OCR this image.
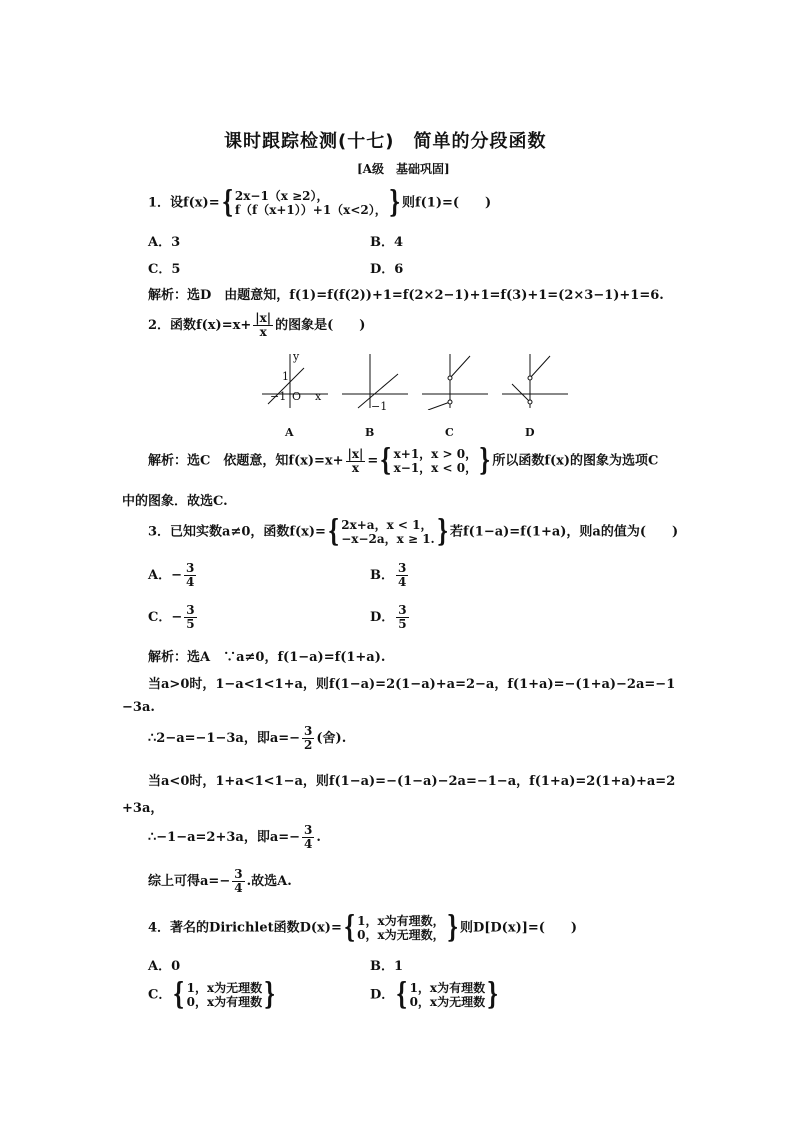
课时跟踪检测(十七)　简单的分段函数
[A级　基础巩固]
1．设f(x)= { 2x−1（x ≥2），
f（f（x+1））+1（x<2）， } 则f(1)=(　　)
A．3	B．4
C．5	D．6
解析：选D　由题意知，f(1)=f(f(2))+1=f(2×2−1)+1=f(3)+1=(2×3−1)+1=6.
2．函数$f(x)=x+ \frac{|x|}{x}$ 的图象是(　　)
y
x
1
−1 O
−1
A	B	C	D
解析：选C　依题意，知$f(x)=x+ \frac{|x|}{x}$ = { x+1，x > 0，
x−1，x < 0， } 所以函数f(x)的图象为选项C
中的图象．故选C.
3．已知实数a≠0，函数f(x)= { 2x+a，x < 1，
−x−2a，x ≥ 1. } 若f(1−a)=f(1+a)，则a的值为(　　)
A．− $\frac{3}{4}$	B． $\frac{3}{4}$
C．− $\frac{3}{5}$	D． $\frac{3}{5}$
解析：选A　∵a≠0，f(1−a)=f(1+a).
当a>0时，1−a<1<1+a，则f(1−a)=2(1−a)+a=2−a，f(1+a)=−(1+a)−2a=−1
−3a.
∴2−a=−1−3a，即$a=- \frac{3}{2}$ (舍).
当a<0时，1+a<1<1−a，则f(1−a)=−(1−a)−2a=−1−a，f(1+a)=2(1+a)+a=2
+3a，
∴−1−a=2+3a，即$a=- \frac{3}{4}$ .
综上可得$a=- \frac{3}{4}$ .故选A.
4．著名的Dirichlet函数D(x)= { 1，x为有理数，
0，x为无理数， } 则D[D(x)]=(　　)
A．0	B．1
C． { 1，x为无理数
0，x为有理数 }	D． { 1，x为有理数
0，x为无理数 }
